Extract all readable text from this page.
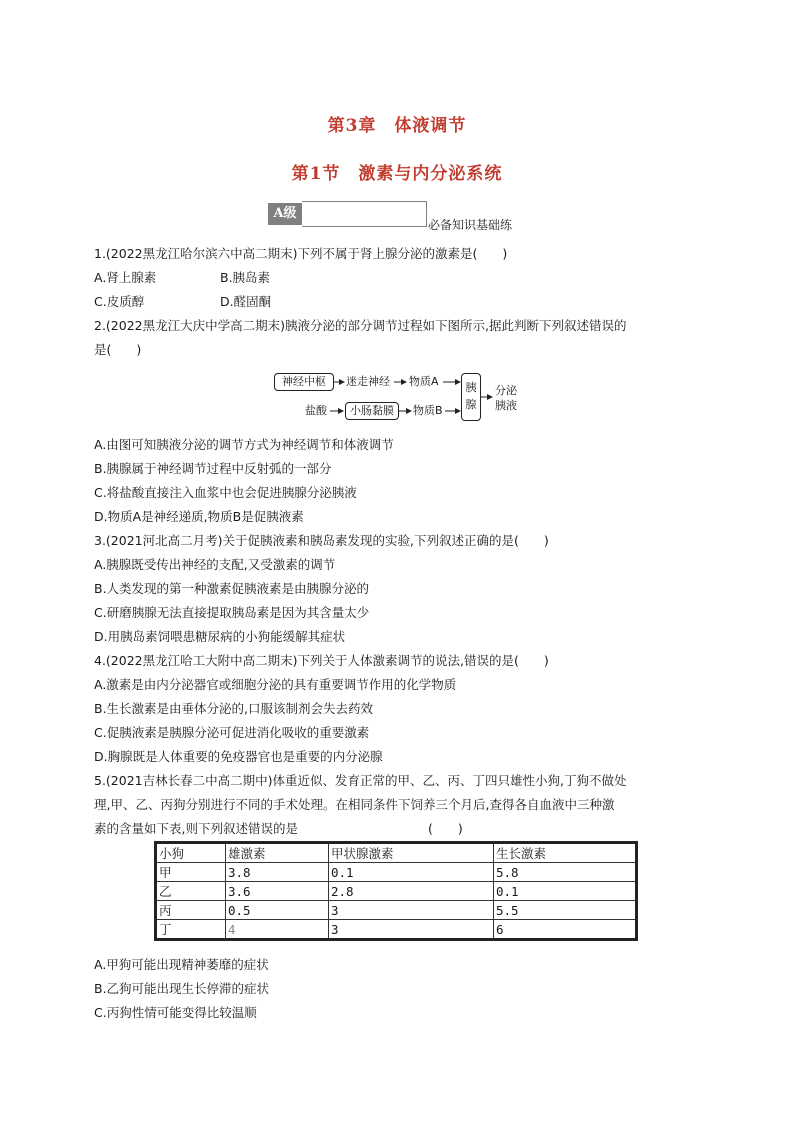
第3章　体液调节
第1节　激素与内分泌系统
A级
必备知识基础练
1.(2022黑龙江哈尔滨六中高二期末)下列不属于肾上腺分泌的激素是(　　)
A.肾上腺素	B.胰岛素
C.皮质醇	D.醛固酮
2.(2022黑龙江大庆中学高二期末)胰液分泌的部分调节过程如下图所示,据此判断下列叙述错误的
是(　　)
神经中枢	迷走神经 物质A
盐酸	小肠黏膜	物质B
胰
腺
分泌
胰液
A.由图可知胰液分泌的调节方式为神经调节和体液调节
B.胰腺属于神经调节过程中反射弧的一部分
C.将盐酸直接注入血浆中也会促进胰腺分泌胰液
D.物质A是神经递质,物质B是促胰液素
3.(2021河北高二月考)关于促胰液素和胰岛素发现的实验,下列叙述正确的是(　　)
A.胰腺既受传出神经的支配,又受激素的调节
B.人类发现的第一种激素促胰液素是由胰腺分泌的
C.研磨胰腺无法直接提取胰岛素是因为其含量太少
D.用胰岛素饲喂患糖尿病的小狗能缓解其症状
4.(2022黑龙江哈工大附中高二期末)下列关于人体激素调节的说法,错误的是(　　)
A.激素是由内分泌器官或细胞分泌的具有重要调节作用的化学物质
B.生长激素是由垂体分泌的,口服该制剂会失去药效
C.促胰液素是胰腺分泌可促进消化吸收的重要激素
D.胸腺既是人体重要的免疫器官也是重要的内分泌腺
5.(2021吉林长春二中高二期中)体重近似、发育正常的甲、乙、丙、丁四只雄性小狗,丁狗不做处
理,甲、乙、丙狗分别进行不同的手术处理。在相同条件下饲养三个月后,查得各自血液中三种激
素的含量如下表,则下列叙述错误的是	(　　)
小狗	雄激素	甲状腺激素	生长激素
甲	3.8	0.1	5.8
乙	3.6	2.8	0.1
丙	0.5	3	5.5
丁	4	3	6
A.甲狗可能出现精神萎靡的症状
B.乙狗可能出现生长停滞的症状
C.丙狗性情可能变得比较温顺
